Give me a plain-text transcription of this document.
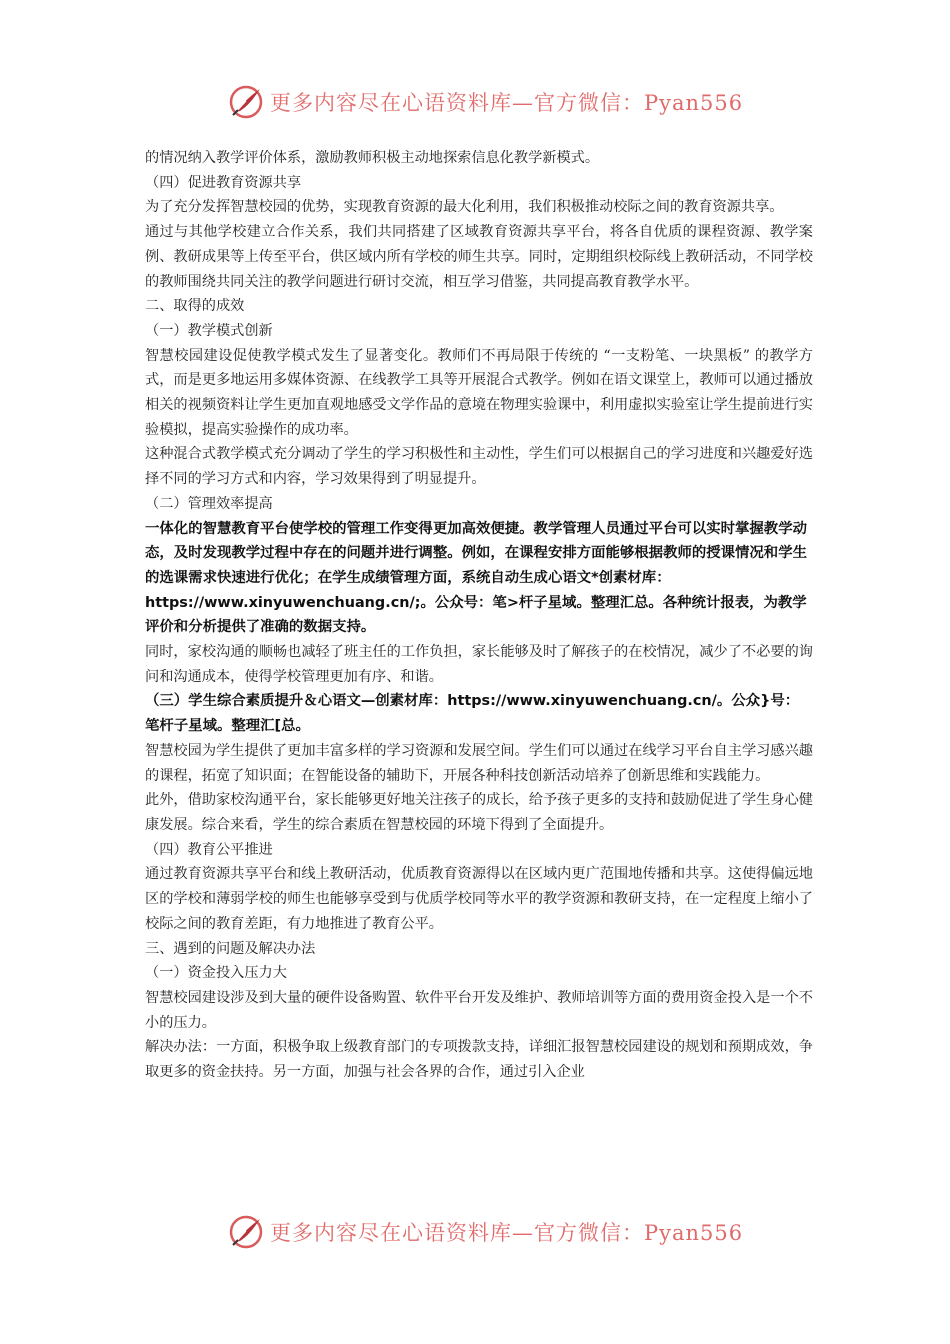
更多内容尽在心语资料库—官方微信：Pyan556

的情况纳入教学评价体系，激励教师积极主动地探索信息化教学新模式。

（四）促进教育资源共享

为了充分发挥智慧校园的优势，实现教育资源的最大化利用，我们积极推动校际之间的教育资源共享。

通过与其他学校建立合作关系，我们共同搭建了区域教育资源共享平台，将各自优质的课程资源、教学案例、教研成果等上传至平台，供区域内所有学校的师生共享。同时，定期组织校际线上教研活动，不同学校的教师围绕共同关注的教学问题进行研讨交流，相互学习借鉴，共同提高教育教学水平。

二、取得的成效

（一）教学模式创新

智慧校园建设促使教学模式发生了显著变化。教师们不再局限于传统的 “一支粉笔、一块黑板” 的教学方式，而是更多地运用多媒体资源、在线教学工具等开展混合式教学。例如在语文课堂上，教师可以通过播放相关的视频资料让学生更加直观地感受文学作品的意境在物理实验课中，利用虚拟实验室让学生提前进行实验模拟，提高实验操作的成功率。

这种混合式教学模式充分调动了学生的学习积极性和主动性，学生们可以根据自己的学习进度和兴趣爱好选择不同的学习方式和内容，学习效果得到了明显提升。

（二）管理效率提高

一体化的智慧教育平台使学校的管理工作变得更加高效便捷。教学管理人员通过平台可以实时掌握教学动态，及时发现教学过程中存在的问题并进行调整。例如，在课程安排方面能够根据教师的授课情况和学生的选课需求快速进行优化；在学生成绩管理方面，系统自动生成心语文*创素材库：https://www.xinyuwenchuang.cn/;。公众号：笔>杆子星域。整理汇总。各种统计报表，为教学评价和分析提供了准确的数据支持。

同时，家校沟通的顺畅也减轻了班主任的工作负担，家长能够及时了解孩子的在校情况，减少了不必要的询问和沟通成本，使得学校管理更加有序、和谐。

（三）学生综合素质提升＆心语文—创素材库：https://www.xinyuwenchuang.cn/。公众}号：笔杆子星域。整理汇[总。

智慧校园为学生提供了更加丰富多样的学习资源和发展空间。学生们可以通过在线学习平台自主学习感兴趣的课程，拓宽了知识面；在智能设备的辅助下，开展各种科技创新活动培养了创新思维和实践能力。

此外，借助家校沟通平台，家长能够更好地关注孩子的成长，给予孩子更多的支持和鼓励促进了学生身心健康发展。综合来看，学生的综合素质在智慧校园的环境下得到了全面提升。

（四）教育公平推进

通过教育资源共享平台和线上教研活动，优质教育资源得以在区域内更广范围地传播和共享。这使得偏远地区的学校和薄弱学校的师生也能够享受到与优质学校同等水平的教学资源和教研支持，在一定程度上缩小了校际之间的教育差距，有力地推进了教育公平。

三、遇到的问题及解决办法

（一）资金投入压力大

智慧校园建设涉及到大量的硬件设备购置、软件平台开发及维护、教师培训等方面的费用资金投入是一个不小的压力。

解决办法：一方面，积极争取上级教育部门的专项拨款支持，详细汇报智慧校园建设的规划和预期成效，争取更多的资金扶持。另一方面，加强与社会各界的合作，通过引入企业

更多内容尽在心语资料库—官方微信：Pyan556
